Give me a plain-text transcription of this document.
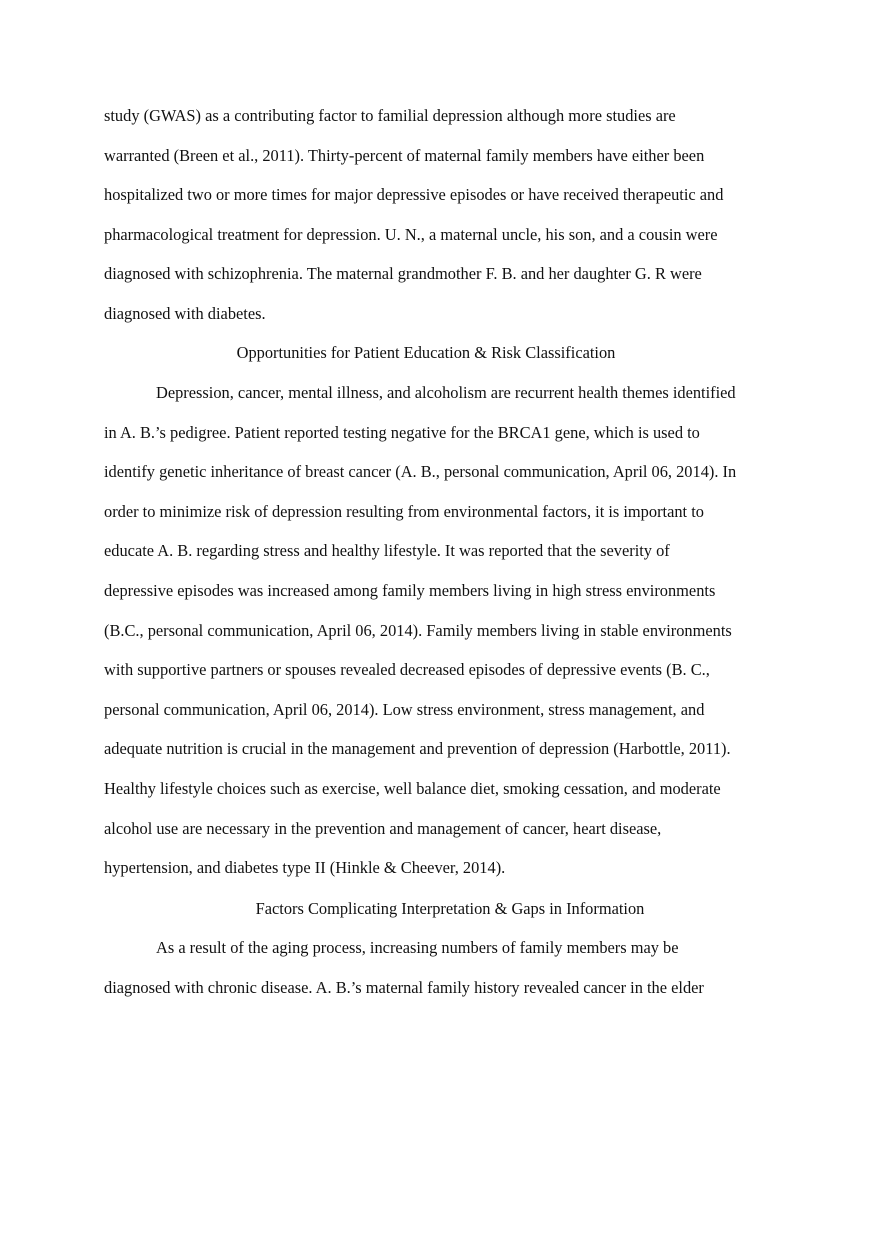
study (GWAS) as a contributing factor to familial depression although more studies are

warranted (Breen et al., 2011). Thirty-percent of maternal family members have either been

hospitalized two or more times for major depressive episodes or have received therapeutic and

pharmacological treatment for depression. U. N., a maternal uncle, his son, and a cousin were

diagnosed with schizophrenia. The maternal grandmother F. B. and her daughter G. R were

diagnosed with diabetes.

Opportunities for Patient Education & Risk Classification

Depression, cancer, mental illness, and alcoholism are recurrent health themes identified

in A. B.’s pedigree. Patient reported testing negative for the BRCA1 gene, which is used to

identify genetic inheritance of breast cancer (A. B., personal communication, April 06, 2014). In

order to minimize risk of depression resulting from environmental factors, it is important to

educate A. B. regarding stress and healthy lifestyle. It was reported that the severity of

depressive episodes was increased among family members living in high stress environments

(B.C., personal communication, April 06, 2014). Family members living in stable environments

with supportive partners or spouses revealed decreased episodes of depressive events (B. C.,

personal communication, April 06, 2014). Low stress environment, stress management, and

adequate nutrition is crucial in the management and prevention of depression (Harbottle, 2011).

Healthy lifestyle choices such as exercise, well balance diet, smoking cessation, and moderate

alcohol use are necessary in the prevention and management of cancer, heart disease,

hypertension, and diabetes type II (Hinkle & Cheever, 2014).

Factors Complicating Interpretation & Gaps in Information

As a result of the aging process, increasing numbers of family members may be

diagnosed with chronic disease. A. B.’s maternal family history revealed cancer in the elder
